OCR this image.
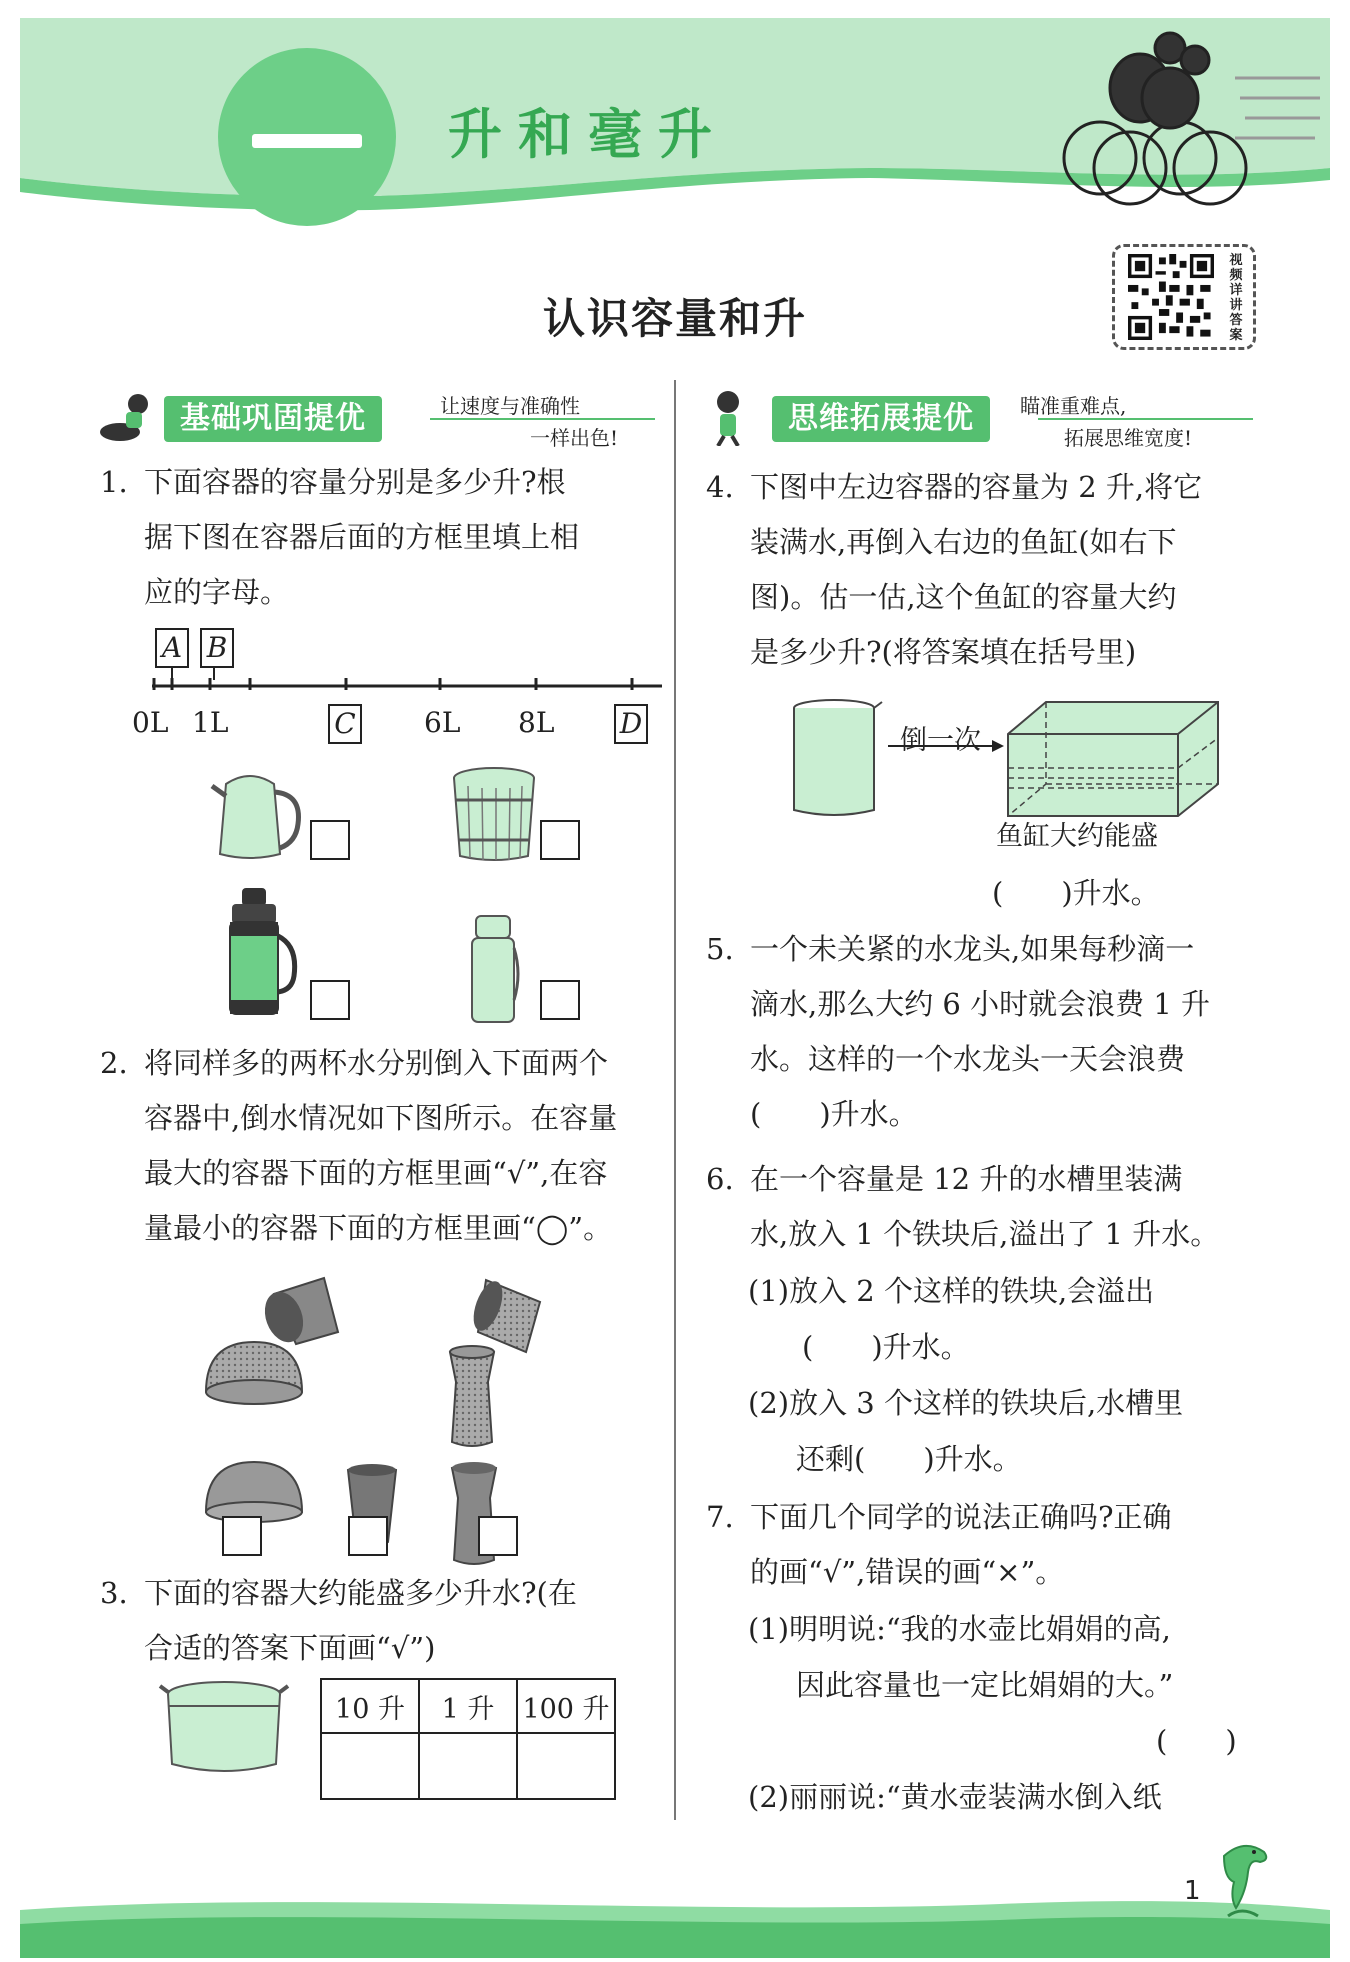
升和毫升
视频详讲答案
认识容量和升
基础巩固提优	让速度与准确性
一样出色!
思维拓展提优	瞄准重难点,
拓展思维宽度!
1. 下面容器的容量分别是多少升?根

据下图在容器后面的方框里填上相

应的字母。

A B
C	D
0L 1L	6L 8L
2. 将同样多的两杯水分别倒入下面两个

容器中,倒水情况如下图所示。在容量

最大的容器下面的方框里画“√”,在容

量最小的容器下面的方框里画“◯”。

3. 下面的容器大约能盛多少升水?(在

合适的答案下面画“√”)

10 升	1 升	100 升

4. 下图中左边容器的容量为 2 升,将它

装满水,再倒入右边的鱼缸(如右下

图)。估一估,这个鱼缸的容量大约

是多少升?(将答案填在括号里)

倒一次
鱼缸大约能盛
(　　)升水。
5. 一个未关紧的水龙头,如果每秒滴一

滴水,那么大约 6 小时就会浪费 1 升

水。这样的一个水龙头一天会浪费

(　　)升水。

6. 在一个容量是 12 升的水槽里装满

水,放入 1 个铁块后,溢出了 1 升水。

(1)放入 2 个这样的铁块,会溢出
(　　)升水。
(2)放入 3 个这样的铁块后,水槽里
还剩(　　)升水。
7. 下面几个同学的说法正确吗?正确

的画“√”,错误的画“×”。

(1)明明说:“我的水壶比娟娟的高,
因此容量也一定比娟娟的大。”
(　　)
(2)丽丽说:“黄水壶装满水倒入纸
1
